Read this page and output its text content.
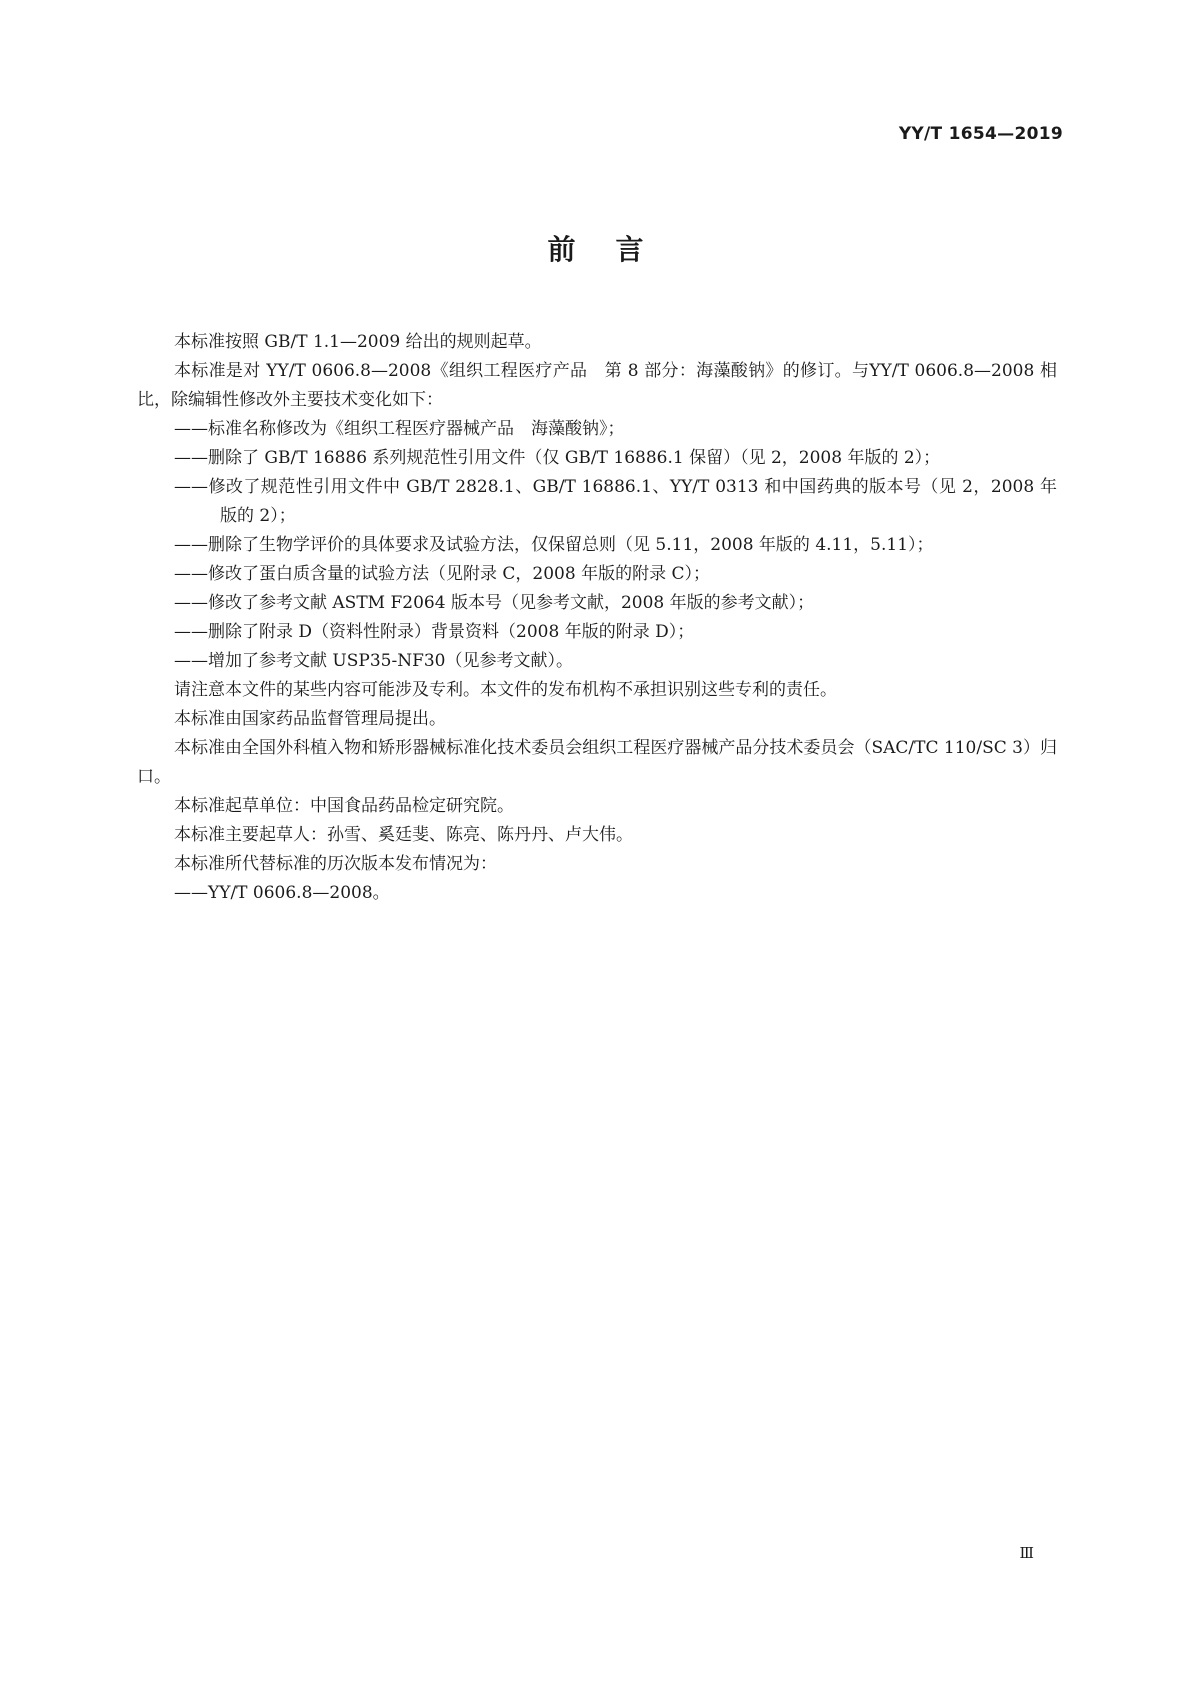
YY/T 1654—2019
前言

本标准按照 GB/T 1.1—2009 给出的规则起草。

本标准是对 YY/T 0606.8—2008《组织工程医疗产品　第 8 部分：海藻酸钠》的修订。与YY/T 0606.8—2008 相比，除编辑性修改外主要技术变化如下：

——标准名称修改为《组织工程医疗器械产品　海藻酸钠》；

——删除了 GB/T 16886 系列规范性引用文件（仅 GB/T 16886.1 保留）（见 2，2008 年版的 2）；

——修改了规范性引用文件中 GB/T 2828.1、GB/T 16886.1、YY/T 0313 和中国药典的版本号（见 2，2008 年版的 2）；

——删除了生物学评价的具体要求及试验方法，仅保留总则（见 5.11，2008 年版的 4.11，5.11）；

——修改了蛋白质含量的试验方法（见附录 C，2008 年版的附录 C）；

——修改了参考文献 ASTM F2064 版本号（见参考文献，2008 年版的参考文献）；

——删除了附录 D（资料性附录）背景资料（2008 年版的附录 D）；

——增加了参考文献 USP35-NF30（见参考文献）。

请注意本文件的某些内容可能涉及专利。本文件的发布机构不承担识别这些专利的责任。

本标准由国家药品监督管理局提出。

本标准由全国外科植入物和矫形器械标准化技术委员会组织工程医疗器械产品分技术委员会（SAC/TC 110/SC 3）归口。

本标准起草单位：中国食品药品检定研究院。

本标准主要起草人：孙雪、奚廷斐、陈亮、陈丹丹、卢大伟。

本标准所代替标准的历次版本发布情况为：

——YY/T 0606.8—2008。

Ⅲ
